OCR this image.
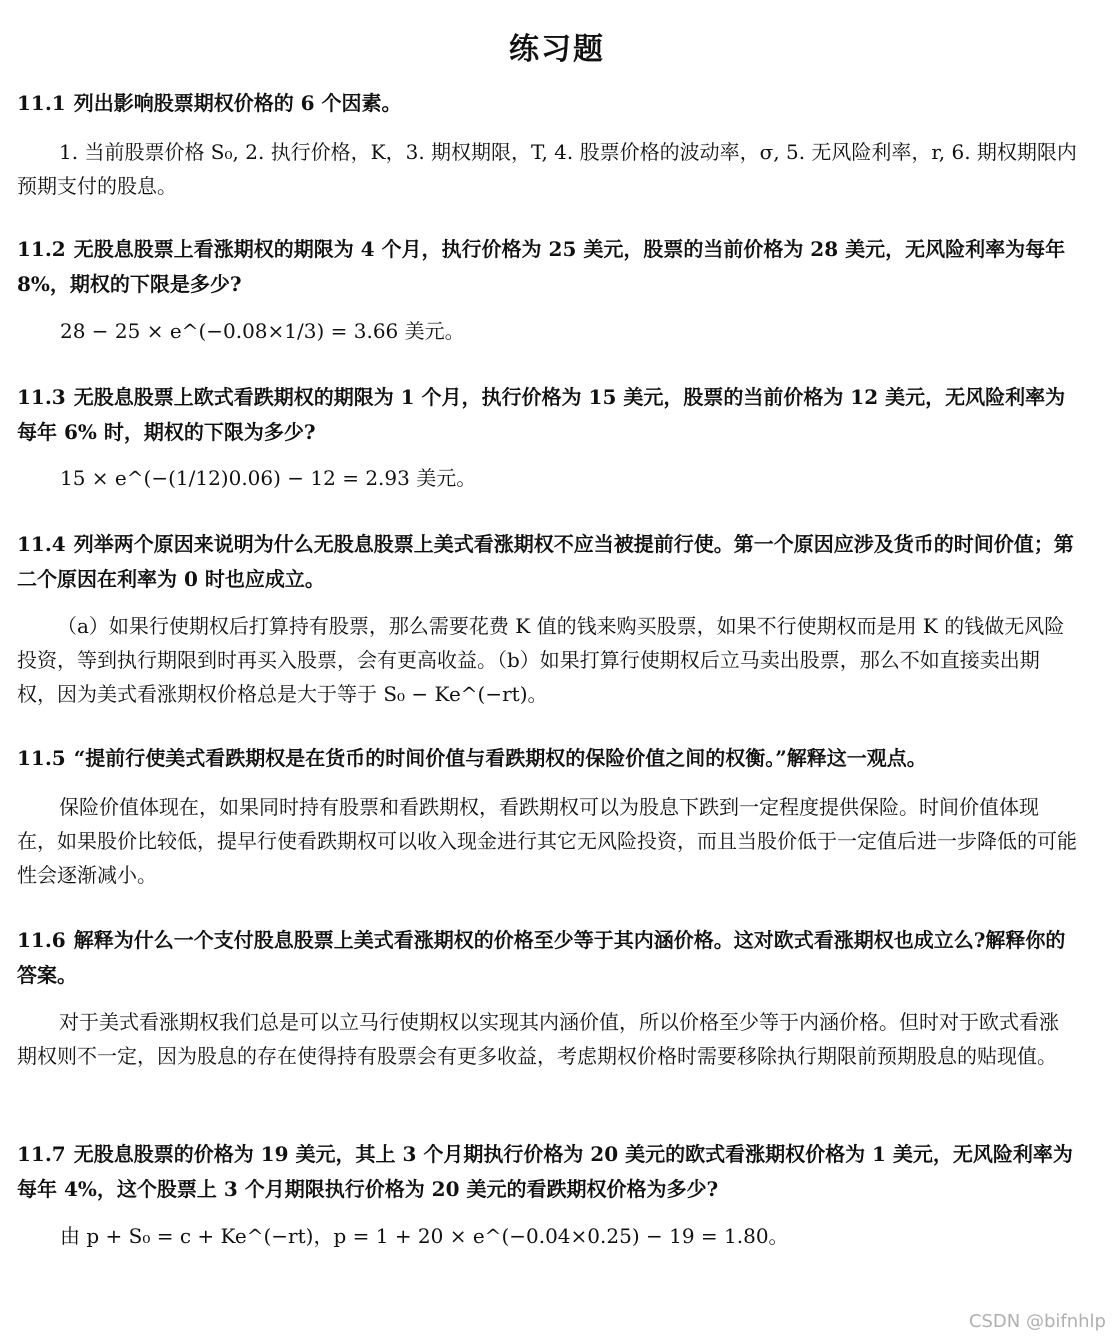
练习题
11.1 列出影响股票期权价格的 6 个因素。
1. 当前股票价格 S₀, 2. 执行价格，K，3. 期权期限，T, 4. 股票价格的波动率，σ, 5. 无风险利率，r, 6. 期权期限内预期支付的股息。
11.2 无股息股票上看涨期权的期限为 4 个月，执行价格为 25 美元，股票的当前价格为 28 美元，无风险利率为每年 8%，期权的下限是多少?
28 − 25 × e^(−0.08×1/3) = 3.66 美元。
11.3 无股息股票上欧式看跌期权的期限为 1 个月，执行价格为 15 美元，股票的当前价格为 12 美元，无风险利率为每年 6% 时，期权的下限为多少?
15 × e^(−(1/12)0.06) − 12 = 2.93 美元。
11.4 列举两个原因来说明为什么无股息股票上美式看涨期权不应当被提前行使。第一个原因应涉及货币的时间价值；第二个原因在利率为 0 时也应成立。
（a）如果行使期权后打算持有股票，那么需要花费 K 值的钱来购买股票，如果不行使期权而是用 K 的钱做无风险投资，等到执行期限到时再买入股票，会有更高收益。（b）如果打算行使期权后立马卖出股票，那么不如直接卖出期权，因为美式看涨期权价格总是大于等于 S₀ − Ke^(−rt)。
11.5 “提前行使美式看跌期权是在货币的时间价值与看跌期权的保险价值之间的权衡。”解释这一观点。
保险价值体现在，如果同时持有股票和看跌期权，看跌期权可以为股息下跌到一定程度提供保险。时间价值体现在，如果股价比较低，提早行使看跌期权可以收入现金进行其它无风险投资，而且当股价低于一定值后进一步降低的可能性会逐渐减小。
11.6 解释为什么一个支付股息股票上美式看涨期权的价格至少等于其内涵价格。这对欧式看涨期权也成立么?解释你的答案。
对于美式看涨期权我们总是可以立马行使期权以实现其内涵价值，所以价格至少等于内涵价格。但时对于欧式看涨期权则不一定，因为股息的存在使得持有股票会有更多收益，考虑期权价格时需要移除执行期限前预期股息的贴现值。
11.7 无股息股票的价格为 19 美元，其上 3 个月期执行价格为 20 美元的欧式看涨期权价格为 1 美元，无风险利率为每年 4%，这个股票上 3 个月期限执行价格为 20 美元的看跌期权价格为多少?
由 p + S₀ = c + Ke^(−rt)，p = 1 + 20 × e^(−0.04×0.25) − 19 = 1.80。
CSDN @bifnhlp
